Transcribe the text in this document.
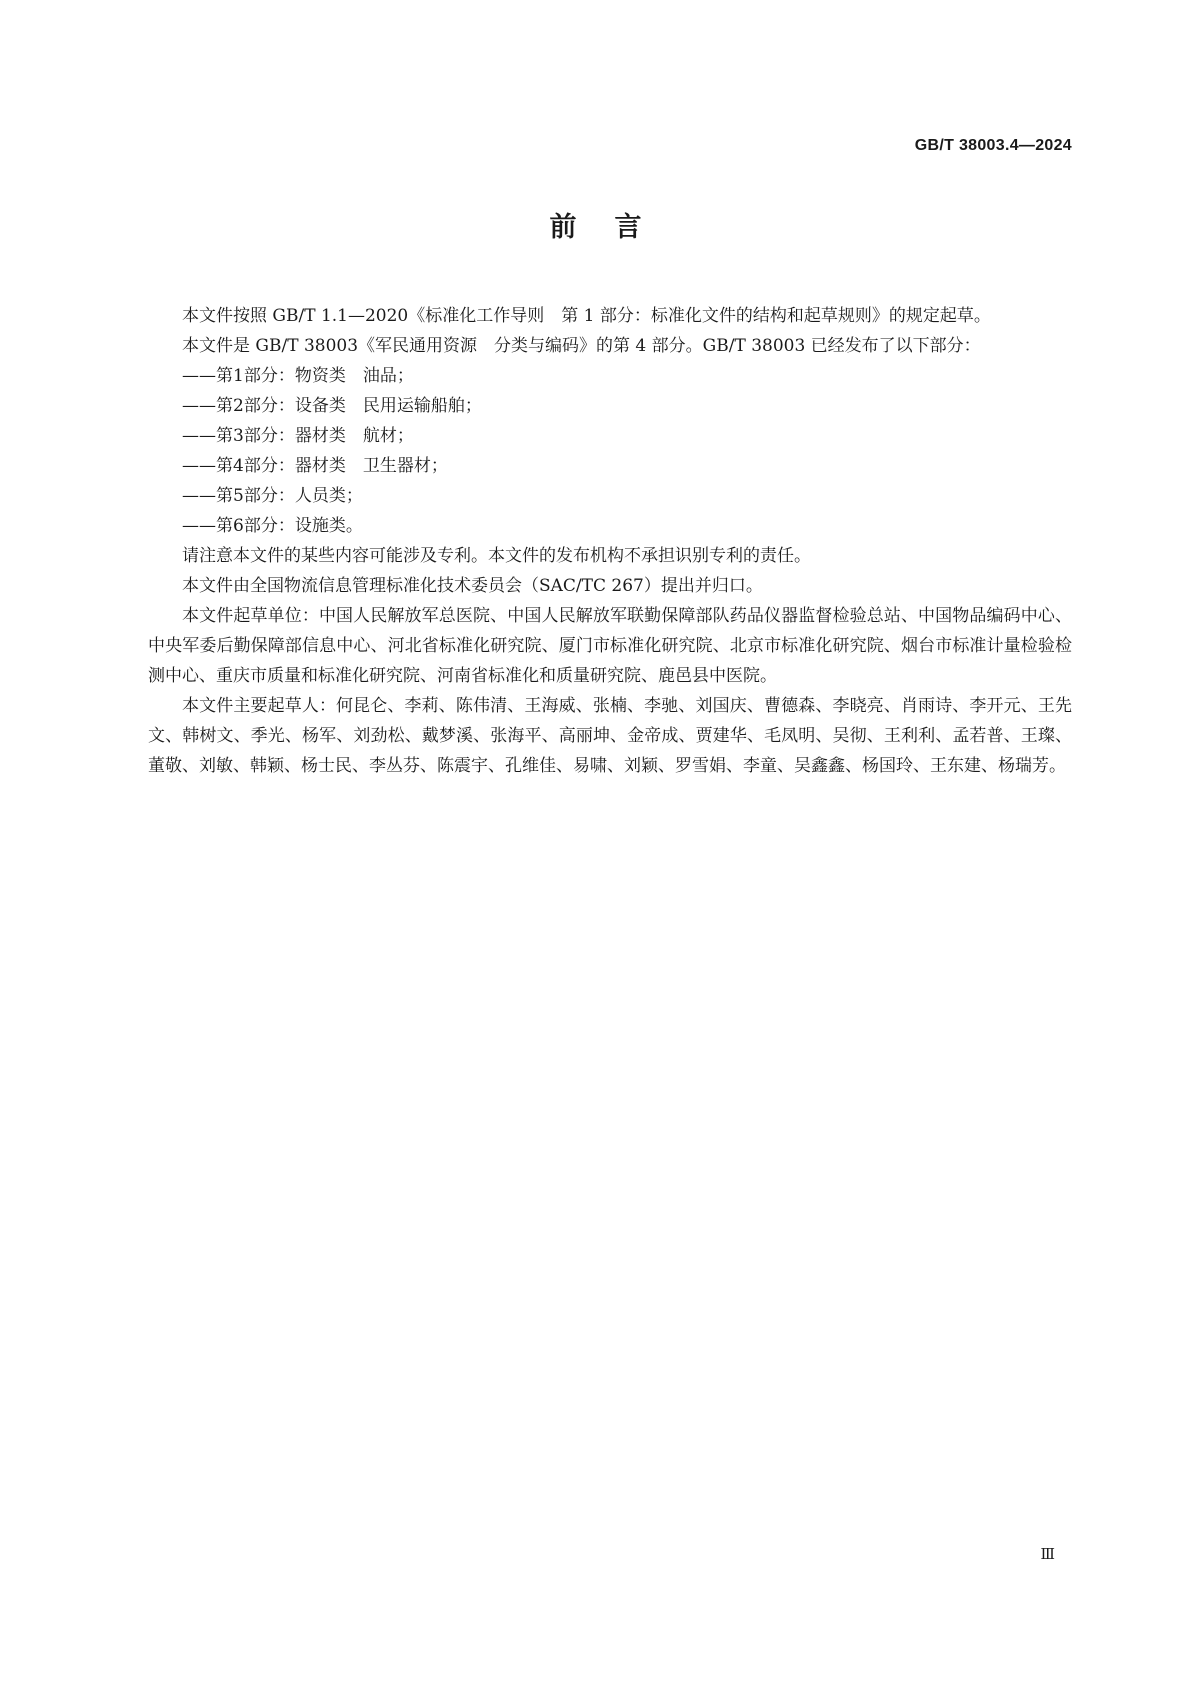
GB/T 38003.4—2024
前言

本文件按照 GB/T 1.1—2020《标准化工作导则　第 1 部分：标准化文件的结构和起草规则》的规定起草。

本文件是 GB/T 38003《军民通用资源　分类与编码》的第 4 部分。GB/T 38003 已经发布了以下部分：

——第1部分：物资类　油品；
——第2部分：设备类　民用运输船舶；
——第3部分：器材类　航材；
——第4部分：器材类　卫生器材；
——第5部分：人员类；
——第6部分：设施类。

请注意本文件的某些内容可能涉及专利。本文件的发布机构不承担识别专利的责任。

本文件由全国物流信息管理标准化技术委员会（SAC/TC 267）提出并归口。

本文件起草单位：中国人民解放军总医院、中国人民解放军联勤保障部队药品仪器监督检验总站、中国物品编码中心、中央军委后勤保障部信息中心、河北省标准化研究院、厦门市标准化研究院、北京市标准化研究院、烟台市标准计量检验检测中心、重庆市质量和标准化研究院、河南省标准化和质量研究院、鹿邑县中医院。

本文件主要起草人：何昆仑、李莉、陈伟清、王海威、张楠、李驰、刘国庆、曹德森、李晓亮、肖雨诗、李开元、王先文、韩树文、季光、杨军、刘劲松、戴梦溪、张海平、高丽坤、金帝成、贾建华、毛凤明、吴彻、王利利、孟若普、王璨、董敬、刘敏、韩颖、杨士民、李丛芬、陈震宇、孔维佳、易啸、刘颖、罗雪娟、李童、吴鑫鑫、杨国玲、王东建、杨瑞芳。

Ⅲ
